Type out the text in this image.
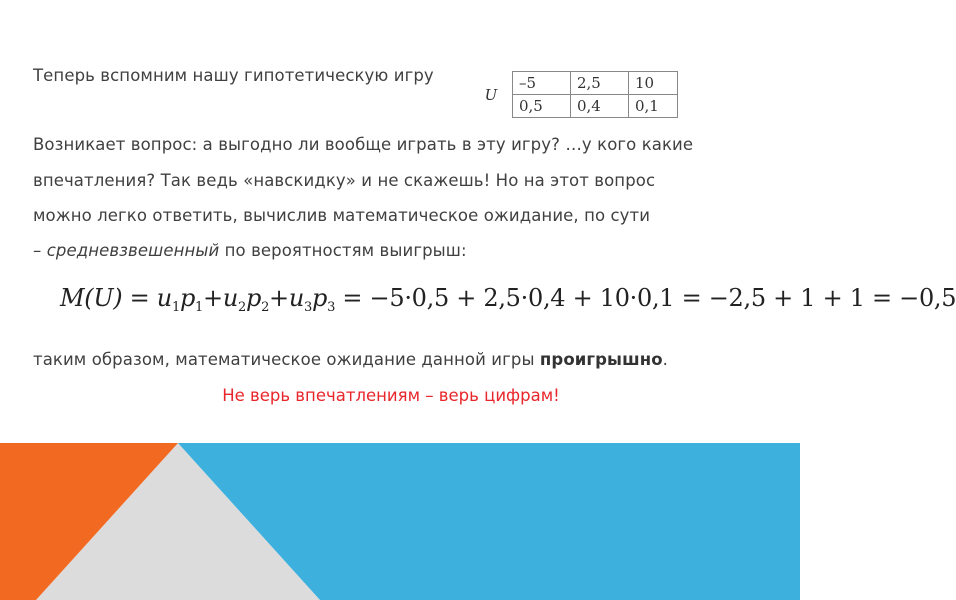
Теперь вспомним нашу гипотетическую игру
U	–5	2,5	10
	0,5	0,4	0,1
Возникает вопрос: а выгодно ли вообще играть в эту игру? …у кого какие
впечатления? Так ведь «навскидку» и не скажешь! Но на этот вопрос
можно легко ответить, вычислив математическое ожидание, по сути
– средневзвешенный по вероятностям выигрыш:
$M(U) = u_1p_1+u_2p_2+u_3p_3 = -5\cdot 0,5 + 2,5\cdot 0,4 + 10\cdot 0,1 = -2,5 + 1 + 1 = -0,5$
таким образом, математическое ожидание данной игры проигрышно.
Не верь впечатлениям – верь цифрам!
